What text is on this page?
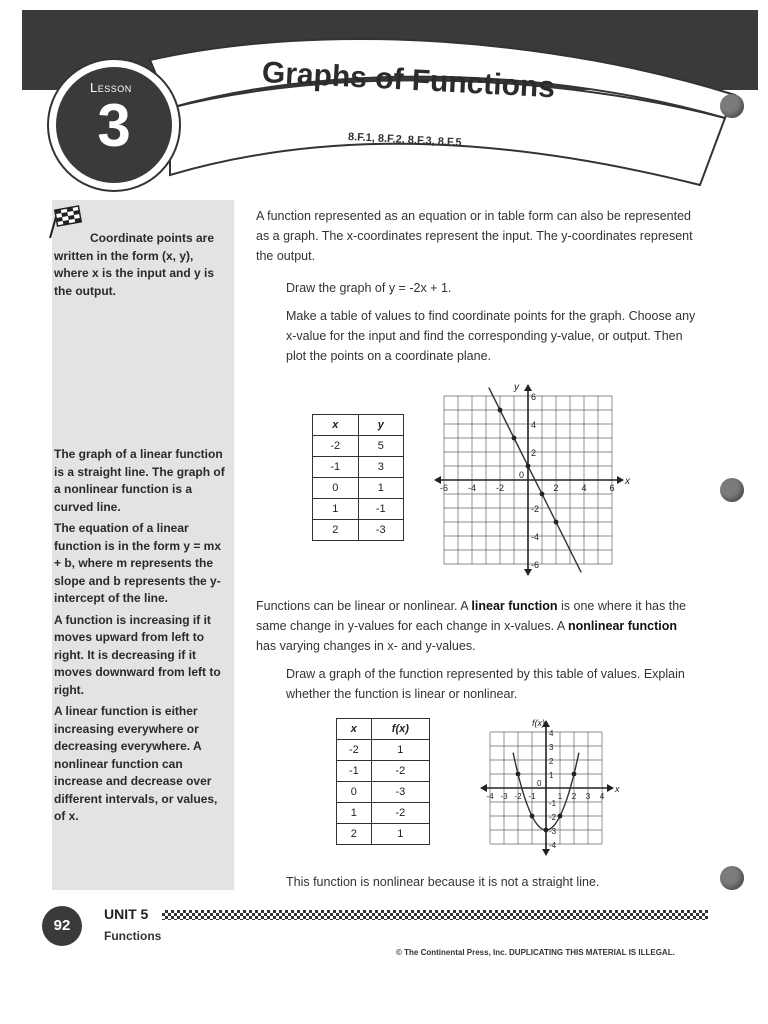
Lesson
3
Graphs of Functions
8.F.1, 8.F.2, 8.F.3, 8.F.5

Coordinate points are written in the form (x, y), where x is the input and y is the output.

The graph of a linear function is a straight line. The graph of a nonlinear function is a curved line.

The equation of a linear function is in the form y = mx + b, where m represents the slope and b represents the y-intercept of the line.

A function is increasing if it moves upward from left to right. It is decreasing if it moves downward from left to right.

A linear function is either increasing everywhere or decreasing everywhere. A nonlinear function can increase and decrease over different intervals, or values, of x.

A function represented as an equation or in table form can also be represented as a graph. The x-coordinates represent the input. The y-coordinates represent the output.
Draw the graph of y = -2x + 1.
Make a table of values to find coordinate points for the graph. Choose any x-value for the input and find the corresponding y-value, or output. Then plot the points on a coordinate plane.
x	y
-2	5
-1	3
0	1
1	-1
2	-3
-6 -4 -2	2	4	6
6
4
2
-2
-4
-6
0
x
y
Functions can be linear or nonlinear. A linear function is one where it has the same change in y-values for each change in x-values. A nonlinear function has varying changes in x- and y-values.
Draw a graph of the function represented by this table of values. Explain whether the function is linear or nonlinear.
x	f(x)
-2	1
-1	-2
0	-3
1	-2
2	1
-4 -3 -2 -1	1 2 3 4
4
3
2
1
-1
-2
-3
-4
0
x
f(x)
This function is nonlinear because it is not a straight line.
92
UNIT 5
Functions
© The Continental Press, Inc. DUPLICATING THIS MATERIAL IS ILLEGAL.
